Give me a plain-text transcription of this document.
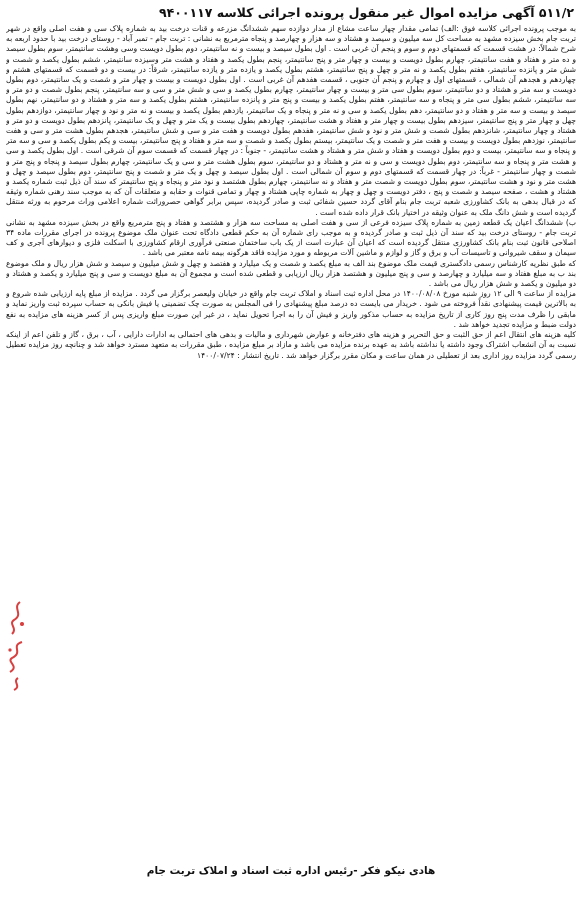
۵۱۱/۲ آگهی مزایده اموال غیر منقول پرونده اجرائی کلاسه ۹۴۰۰۱۱۷

به موجب پرونده اجرائی کلاسه فوق :الف) تمامی مقدار چهار ساعت مشاع از مدار دوازده سهم ششدانگ مزرعه و قنات درخت بید به شماره پلاک سی و هفت اصلی واقع در شهر تربت جام بخش سیزده مشهد به مساحت کل سه میلیون و سیصد و هشتاد و سه هزار و چهارصد و پنجاه مترمربع به نشانی : تربت جام - تمبر آباد - روستای درخت بید با حدود اربعه به شرح شمالاً: در هشت قسمت که قسمتهای دوم و سوم و پنجم آن غربی است . اول بطول سیصد و بیست و نه سانتیمتر، دوم بطول دویست وسی وهشت سانتیمتر، سوم بطول سیصد و ده متر و هفتاد و هفت سانتیمتر، چهارم بطول دویست و بیست و چهار متر و پنج سانتیمتر، پنجم بطول یکصد و هفتاد و هشت متر وسیزده سانتیمتر، ششم بطول یکصد و شصت و شش متر و پانزده سانتیمتر، هفتم بطول یکصد و نه متر و چهل و پنج سانتیمتر، هشتم بطول یکصد و یازده متر و یازده سانتیمتر، شرقاً: در بیست و دو قسمت که قسمتهای هشتم و چهاردهم و هجدهم آن شمالی ، قسمتهای اول و چهارم و پنجم آن جنوبی ، قسمت هفدهم آن غربی است . اول بطول دویست و بیست و چهار متر و شصت و یک سانتیمتر، دوم بطول دویست و سه متر و هشتاد و دو سانتیمتر، سوم بطول سی متر و بیست و چهار سانتیمتر، چهارم بطول یکصد و سی و شش متر و سی و سه سانتیمتر، پنجم بطول شصت و دو متر و سه سانتیمتر، ششم بطول سی متر و پنجاه و سه سانتیمتر، هفتم بطول یکصد و بیست و پنج متر و پانزده سانتیمتر، هشتم بطول یکصد و سه متر و هشتاد و دو سانتیمتر، نهم بطول سیصد و بیست و سه متر و هفتاد و دو سانتیمتر، دهم بطول یکصد و سی و نه متر و پنجاه و یک سانتیمتر، یازدهم بطول یکصد و بیست و نه متر و نود و چهار سانتیمتر، دوازدهم بطول چهل و چهار متر و پنج سانتیمتر، سیزدهم بطول بیست و چهار متر و هفتاد و هشت سانتیمتر، چهاردهم بطول بیست و یک متر و چهل و یک سانتیمتر، پانزدهم بطول دویست و دو متر و هشتاد و چهار سانتیمتر، شانزدهم بطول شصت و شش متر و نود و شش سانتیمتر، هفدهم بطول دویست و هفت متر و سی و شش سانتیمتر، هجدهم بطول هشت متر و سی و هفت سانتیمتر، نوزدهم بطول دویست و بیست و هفت متر و شصت و یک سانتیمتر، بیستم بطول یکصد و شصت و سه متر و هفتاد و پنج سانتیمتر، بیست و یکم بطول یکصد و سی و سه متر و پنجاه و سه سانتیمتر، بیست و دوم بطول دویست و هفتاد و شش متر و هشتاد و هشت سانتیمتر، - جنوباً : در چهار قسمت که قسمت سوم آن شرقی است . اول بطول یکصد و سی و هشت متر و پنجاه و سه سانتیمتر، دوم بطول دویست و سی و نه متر و هشتاد و دو سانتیمتر، سوم بطول هشت متر و سی و یک سانتیمتر، چهارم بطول سیصد و پنجاه و پنج متر و شصت و چهار سانتیمتر - غرباً: در چهار قسمت که قسمتهای دوم و سوم آن شمالی است . اول بطول سیصد و چهل و یک متر و شصت و پنج سانتیمتر، دوم بطول سیصد و چهل و هشت متر و نود و هشت سانتیمتر، سوم بطول دویست و شصت متر و هفتاد و نه سانتیمتر، چهارم بطول هشتصد و نود متر و پنجاه و پنج سانتیمتر که سند آن ذیل ثبت شماره یکصد و هشتاد و هشت ، صفحه سیصد و شصت و پنج ، دفتر دویست و چهل و چهار به شماره چاپی هشتاد و چهار و تمامی قنوات و حقابه و متعلقات آن که به موجب سند رهنی شماره وثیقه که در قبال بدهی به بانک کشاورزی شعبه تربت جام بنام آقای گردد حسین شفائی ثبت و صادر گردیده، سپس برابر گواهی حصروراثت شماره اعلامی وراث مرحوم به ورثه منتقل گردیده است و شش دانگ ملک به عنوان وثیقه در اختیار بانک قرار داده شده است .

ب) ششدانگ اعیان یک قطعه زمین به شماره پلاک سیزده فرعی از سی و هفت اصلی به مساحت سه هزار و هشتصد و هفتاد و پنج مترمربع واقع در بخش سیزده مشهد به نشانی تربت جام - روستای درخت بید که سند آن ذیل ثبت و صادر گردیده و به موجب رای شماره آن به حکم قطعی دادگاه تحت عنوان ملک موضوع پرونده در اجرای مقررات ماده ۳۴ اصلاحی قانون ثبت بنام بانک کشاورزی منتقل گردیده است که اعیان آن عبارت است از یک باب ساختمان صنعتی فرآوری ارقام کشاورزی با اسکلت فلزی و دیوارهای آجری و کف سیمان و سقف شیروانی و تاسیسات آب و برق و گاز و لوازم و ماشین آلات مربوطه و مورد مزایده فاقد هرگونه بیمه نامه معتبر می باشد .

که طبق نظریه کارشناس رسمی دادگستری قیمت ملک موضوع بند الف به مبلغ یکصد و شصت و یک میلیارد و هفتصد و چهل و شش میلیون و سیصد و شش هزار ریال و ملک موضوع بند ب به مبلغ هفتاد و سه میلیارد و چهارصد و سی و پنج میلیون و هشتصد هزار ریال ارزیابی و قطعی شده است و مجموع آن به مبلغ دویست و سی و پنج میلیارد و یکصد و هشتاد و دو میلیون و یکصد و شش هزار ریال می باشد .

مزایده از ساعت ۹ الی ۱۲ روز شنبه مورخ ۱۴۰۰/۰۸/۰۸ در محل اداره ثبت اسناد و املاک تربت جام واقع در خیابان ولیعصر برگزار می گردد . مزایده از مبلغ پایه ارزیابی شده شروع و به بالاترین قیمت پیشنهادی نقداً فروخته می شود . خریدار می بایست ده درصد مبلغ پیشنهادی را فی المجلس به صورت چک تضمینی یا فیش بانکی به حساب سپرده ثبت واریز نماید و مابقی را ظرف مدت پنج روز کاری از تاریخ مزایده به حساب مذکور واریز و فیش آن را به اجرا تحویل نماید ، در غیر این صورت مبلغ واریزی پس از کسر هزینه های مزایده به نفع دولت ضبط و مزایده تجدید خواهد شد .

کلیه هزینه های انتقال اعم از حق الثبت و حق التحریر و هزینه های دفترخانه و عوارض شهرداری و مالیات و بدهی های احتمالی به ادارات دارایی ، آب ، برق ، گاز و تلفن اعم از اینکه نسبت به آن انشعاب اشتراک وجود داشته یا نداشته باشد به عهده برنده مزایده می باشد و مازاد بر مبلغ مزایده ، طبق مقررات به متعهد مسترد خواهد شد و چنانچه روز مزایده تعطیل رسمی گردد مزایده روز اداری بعد از تعطیلی در همان ساعت و مکان مقرر برگزار خواهد شد . تاریخ انتشار : ۱۴۰۰/۰۷/۲۴

هادی نیکو فکر -رئیس اداره ثبت اسناد و املاک تربت جام
